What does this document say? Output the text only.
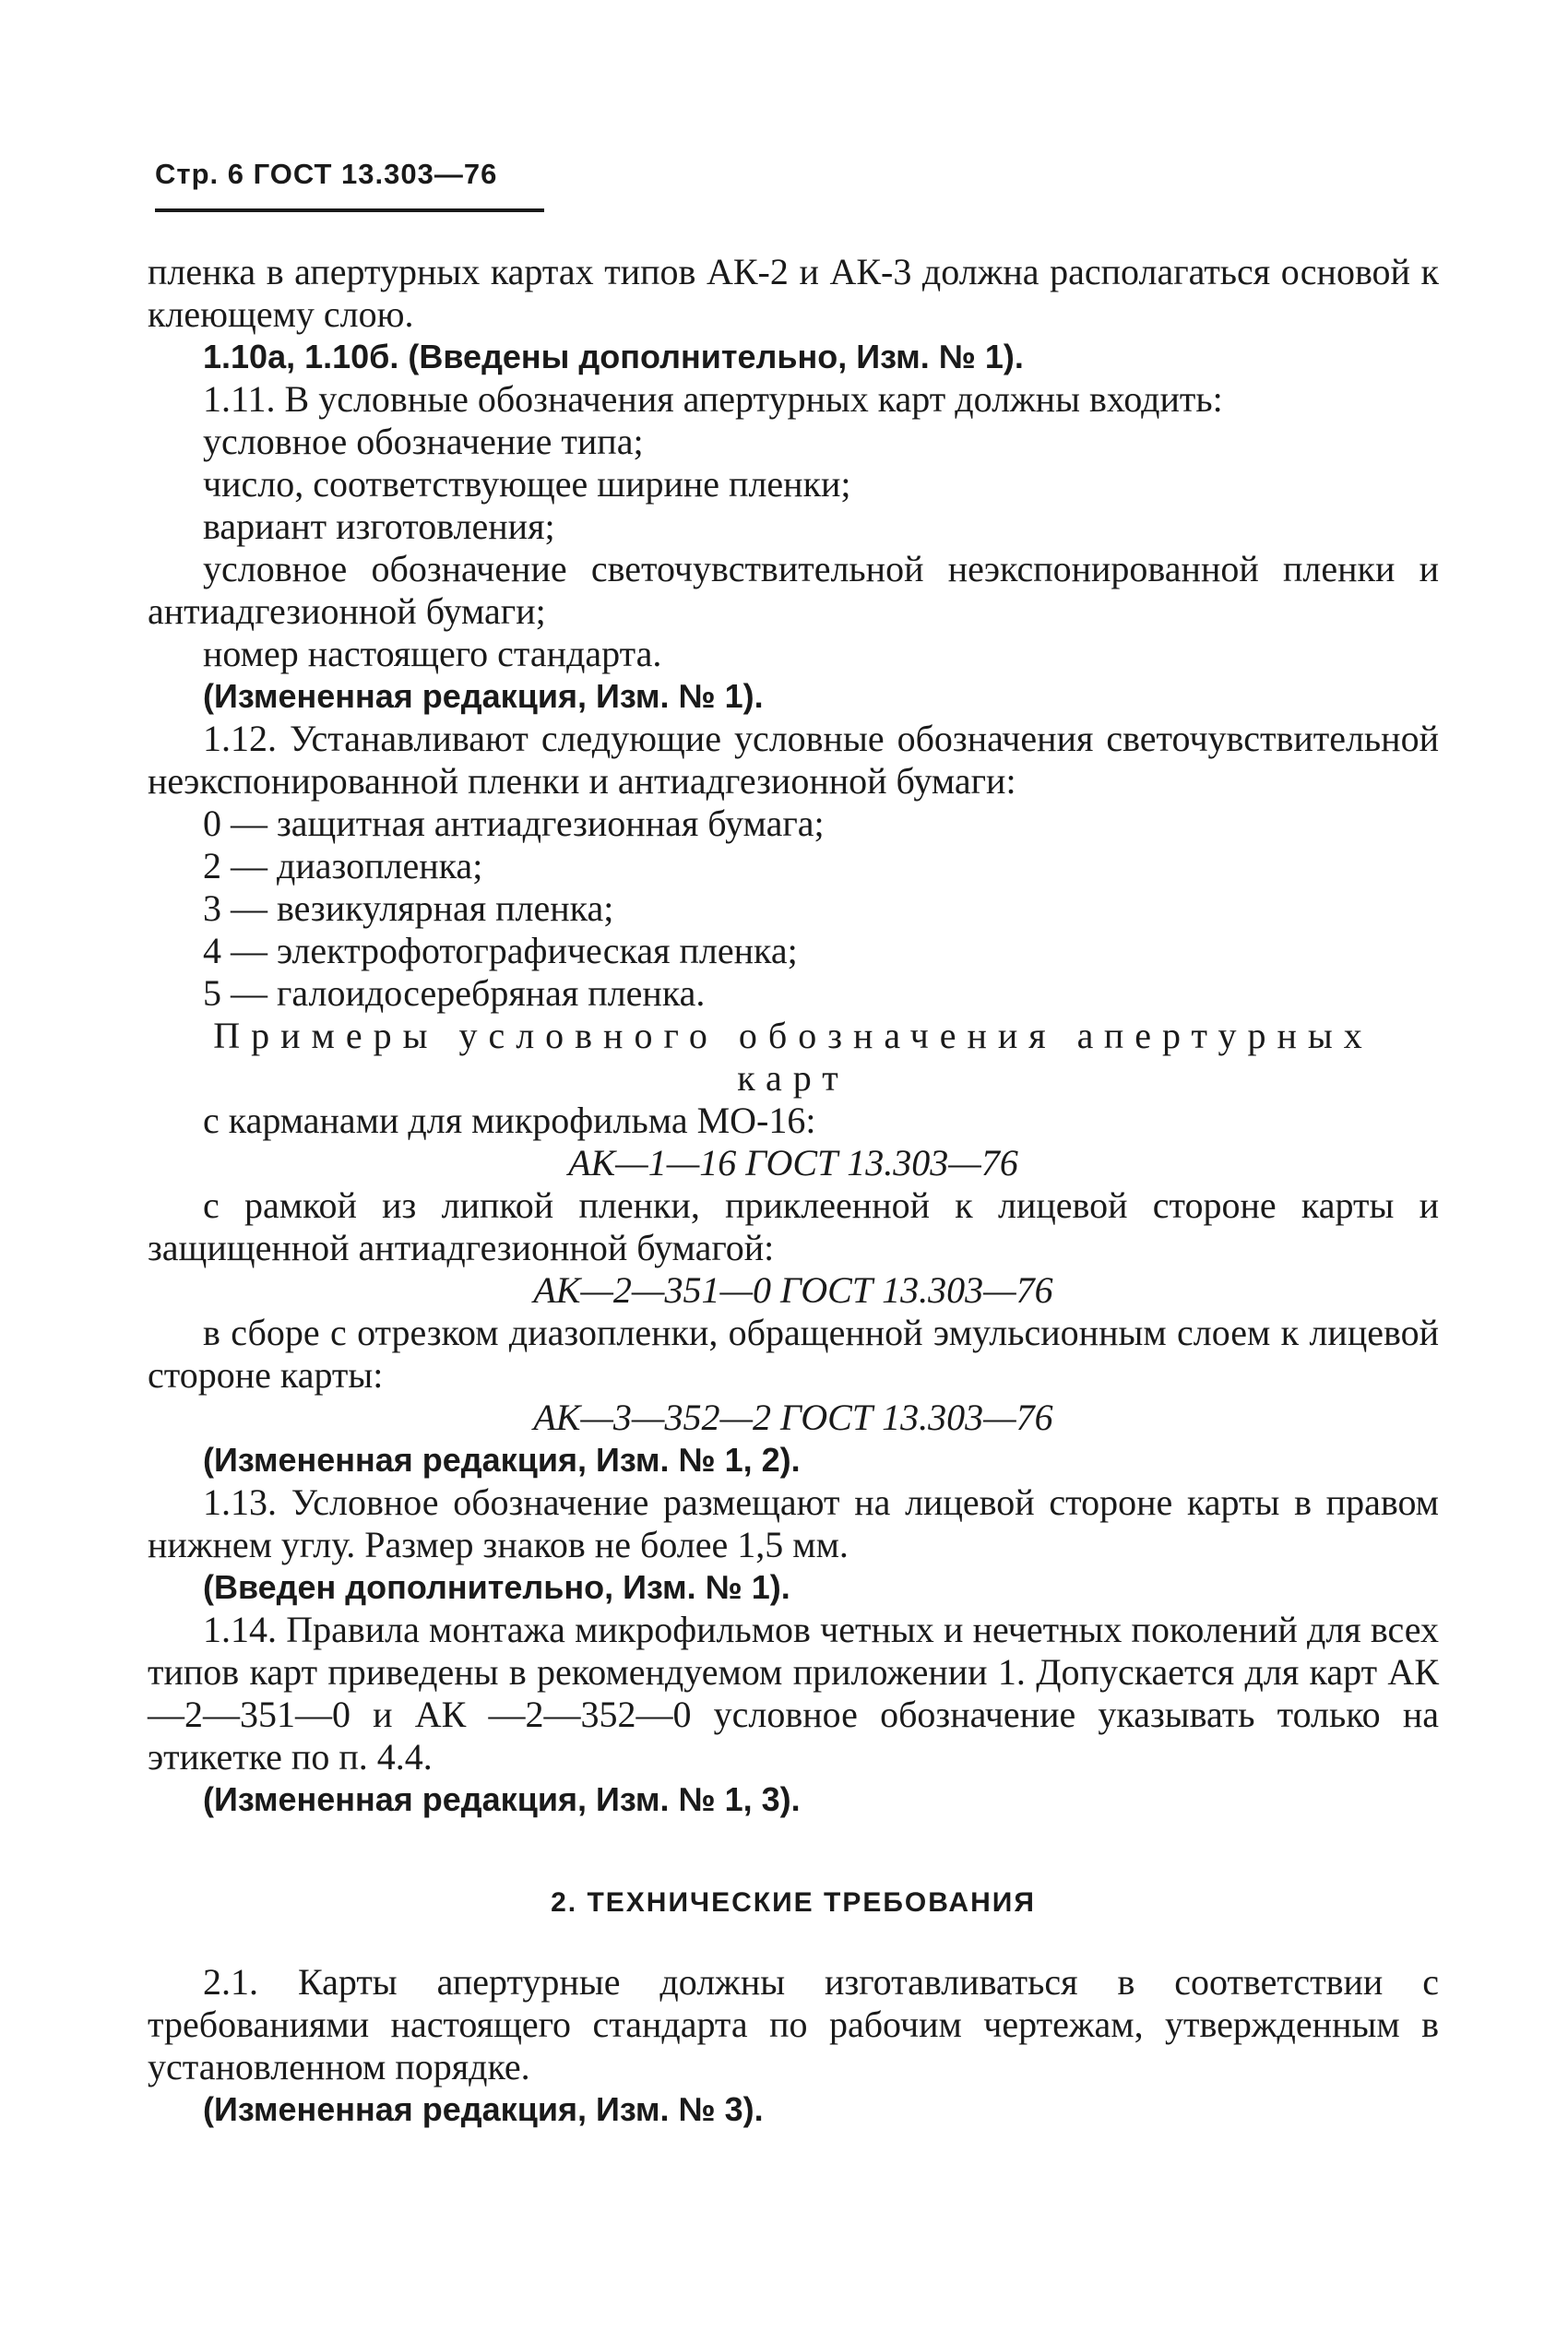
Стр. 6 ГОСТ 13.303—76

пленка в апертурных картах типов АК-2 и АК-3 должна располагаться основой к клеющему слою.

1.10а, 1.10б. (Введены дополнительно, Изм. № 1).

1.11. В условные обозначения апертурных карт должны входить:

условное обозначение типа;

число, соответствующее ширине пленки;

вариант изготовления;

условное обозначение светочувствительной неэкспонированной пленки и антиадгезионной бумаги;

номер настоящего стандарта.

(Измененная редакция, Изм. № 1).

1.12. Устанавливают следующие условные обозначения светочувствительной неэкспонированной пленки и антиадгезионной бумаги:

0 — защитная антиадгезионная бумага;

2 — диазопленка;

3 — везикулярная пленка;

4 — электрофотографическая пленка;

5 — галоидосеребряная пленка.

Примеры условного обозначения апертурных карт

с карманами для микрофильма МО-16:

АК—1—16 ГОСТ 13.303—76

с рамкой из липкой пленки, приклеенной к лицевой стороне карты и защищенной антиадгезионной бумагой:

АК—2—351—0 ГОСТ 13.303—76

в сборе с отрезком диазопленки, обращенной эмульсионным слоем к лицевой стороне карты:

АК—3—352—2 ГОСТ 13.303—76

(Измененная редакция, Изм. № 1, 2).

1.13. Условное обозначение размещают на лицевой стороне карты в правом нижнем углу. Размер знаков не более 1,5 мм.

(Введен дополнительно, Изм. № 1).

1.14. Правила монтажа микрофильмов четных и нечетных поколений для всех типов карт приведены в рекомендуемом приложении 1. Допускается для карт АК—2—351—0 и АК —2—352—0 условное обозначение указывать только на этикетке по п. 4.4.

(Измененная редакция, Изм. № 1, 3).

2. ТЕХНИЧЕСКИЕ ТРЕБОВАНИЯ

2.1. Карты апертурные должны изготавливаться в соответствии с требованиями настоящего стандарта по рабочим чертежам, утвержденным в установленном порядке.

(Измененная редакция, Изм. № 3).
